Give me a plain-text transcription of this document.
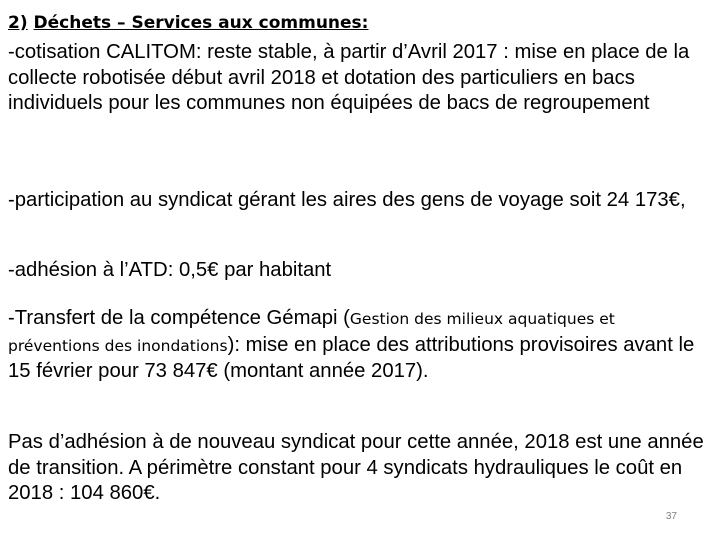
2) Déchets – Services aux communes:
-cotisation CALITOM: reste stable, à partir d’Avril 2017 : mise en place de la collecte robotisée début avril 2018 et dotation des particuliers en bacs individuels pour les communes non équipées de bacs de regroupement
-participation au syndicat gérant les aires des gens de voyage soit 24 173€,
-adhésion à l’ATD: 0,5€ par habitant
-Transfert de la compétence Gémapi (Gestion des milieux aquatiques et préventions des inondations): mise en place des attributions provisoires avant le 15 février pour 73 847€ (montant année 2017).
Pas d’adhésion à de nouveau syndicat pour cette année, 2018 est une année de transition. A périmètre constant pour 4 syndicats hydrauliques le coût en 2018 : 104 860€.
37
